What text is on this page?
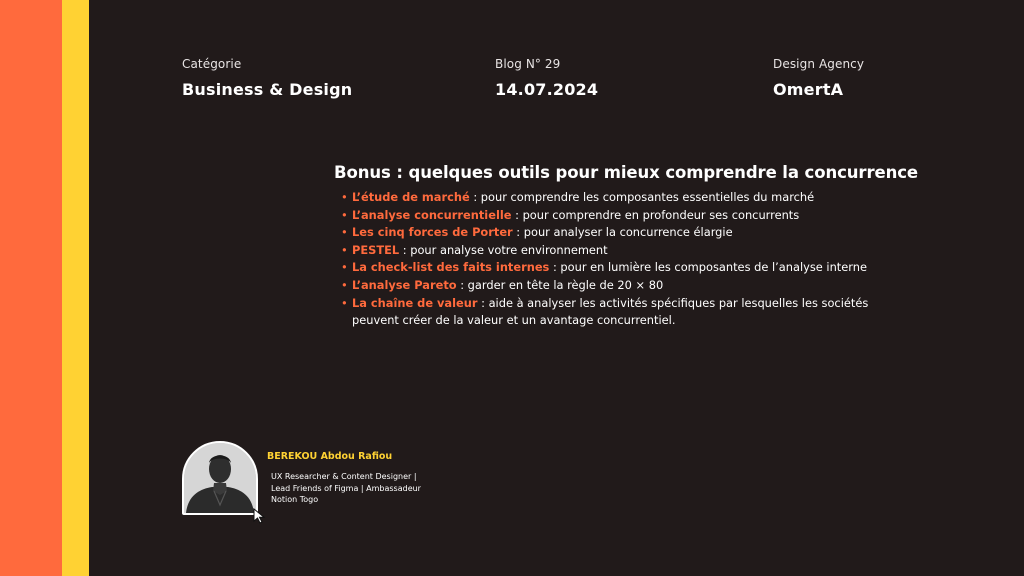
Catégorie
Business & Design
Blog N° 29
14.07.2024
Design Agency
OmertA
Bonus : quelques outils pour mieux comprendre la concurrence
• L’étude de marché : pour comprendre les composantes essentielles du marché
• L’analyse concurrentielle : pour comprendre en profondeur ses concurrents
• Les cinq forces de Porter : pour analyser la concurrence élargie
• PESTEL : pour analyse votre environnement
• La check-list des faits internes : pour en lumière les composantes de l’analyse interne
• L’analyse Pareto : garder en tête la règle de 20 × 80
• La chaîne de valeur : aide à analyser les activités spécifiques par lesquelles les sociétés peuvent créer de la valeur et un avantage concurrentiel.
BEREKOU Abdou Rafiou
UX Researcher & Content Designer | Lead Friends of Figma | Ambassadeur Notion Togo
